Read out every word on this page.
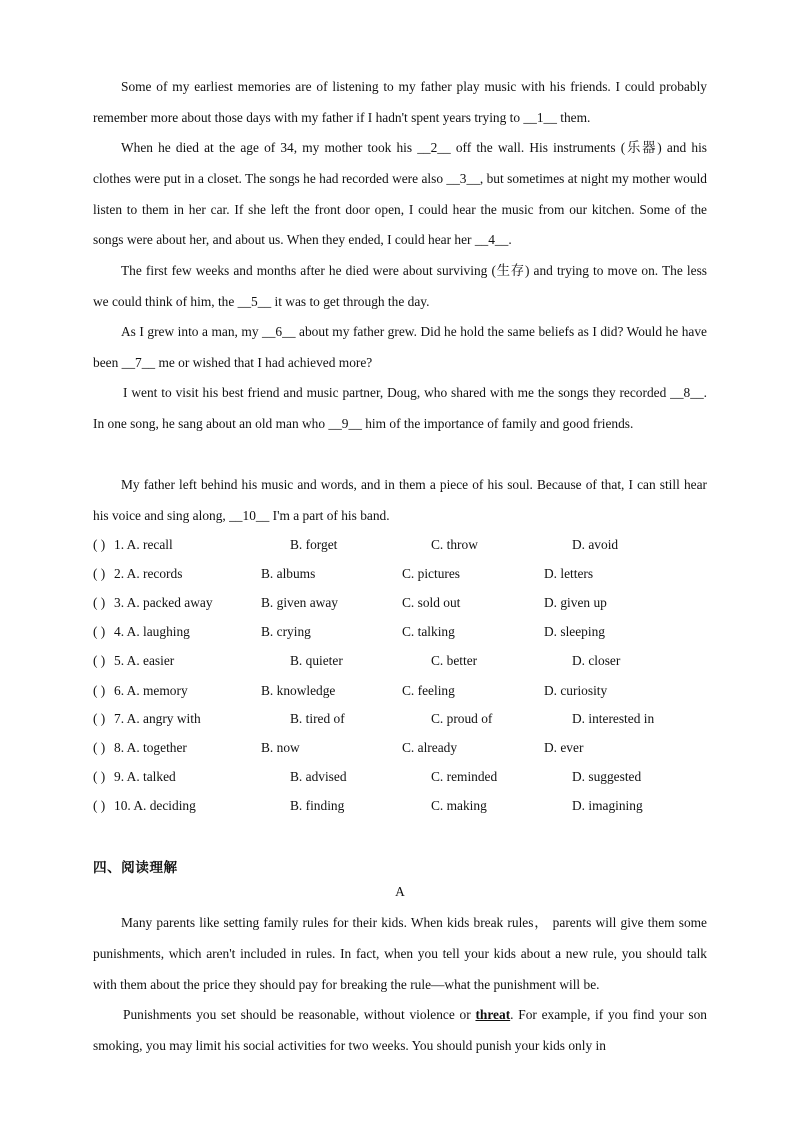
Some of my earliest memories are of listening to my father play music with his friends. I could probably remember more about those days with my father if I hadn't spent years trying to __1__ them.

When he died at the age of 34, my mother took his __2__ off the wall. His instruments (乐器) and his clothes were put in a closet. The songs he had recorded were also __3__, but sometimes at night my mother would listen to them in her car. If she left the front door open, I could hear the music from our kitchen. Some of the songs were about her, and about us. When they ended, I could hear her __4__.

The first few weeks and months after he died were about surviving (生存) and trying to move on. The less we could think of him, the __5__ it was to get through the day.

As I grew into a man, my __6__ about my father grew. Did he hold the same beliefs as I did? Would he have been __7__ me or wished that I had achieved more?

I went to visit his best friend and music partner, Doug, who shared with me the songs they recorded __8__. In one song, he sang about an old man who __9__ him of the importance of family and good friends.

My father left behind his music and words, and in them a piece of his soul. Because of that, I can still hear his voice and sing along, __10__ I'm a part of his band.

( ) 1. A. recall	B. forget	C. throw	D. avoid
( ) 2. A. records	B. albums	C. pictures	D. letters
( ) 3. A. packed away	B. given away	C. sold out	D. given up
( ) 4. A. laughing	B. crying	C. talking	D. sleeping
( ) 5. A. easier	B. quieter	C. better	D. closer
( ) 6. A. memory	B. knowledge	C. feeling	D. curiosity
( ) 7. A. angry with	B. tired of	C. proud of	D. interested in
( ) 8. A. together	B. now	C. already	D. ever
( ) 9. A. talked	B. advised	C. reminded	D. suggested
( ) 10. A. deciding	B. finding	C. making	D. imagining
四、阅读理解
A

Many parents like setting family rules for their kids. When kids break rules， parents will give them some punishments, which aren't included in rules. In fact, when you tell your kids about a new rule, you should talk with them about the price they should pay for breaking the rule—what the punishment will be.

Punishments you set should be reasonable, without violence or threat. For example, if you find your son smoking, you may limit his social activities for two weeks. You should punish your kids only in
